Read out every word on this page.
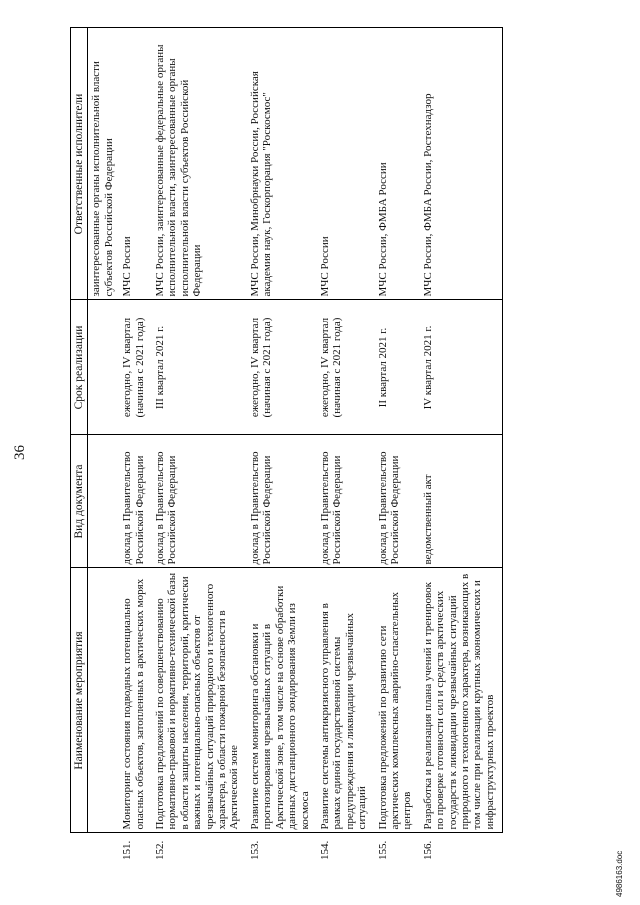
36
	Наименование мероприятия	Вид документа	Срок реализации	Ответственные исполнители
				заинтересованные органы исполнительной власти субъектов Российской Федерации
151.	Мониторинг состояния подводных потенциально опасных объектов, затопленных в арктических морях	доклад в Правительство Российской Федерации	ежегодно, IV квартал (начиная с 2021 года)	МЧС России
152.	Подготовка предложений по совершенствованию нормативно-правовой и нормативно-технической базы в области защиты населения, территорий, критически важных и потенциально-опасных объектов от чрезвычайных ситуаций природного и техногенного характера, в области пожарной безопасности в Арктической зоне	доклад в Правительство Российской Федерации	III квартал 2021 г.	МЧС России, заинтересованные федеральные органы исполнительной власти, заинтересованные органы исполнительной власти субъектов Российской Федерации
153.	Развитие систем мониторинга обстановки и прогнозирования чрезвычайных ситуаций в Арктической зоне, в том числе на основе обработки данных дистанционного зондирования Земли из космоса	доклад в Правительство Российской Федерации	ежегодно, IV квартал (начиная с 2021 года)	МЧС России, Минобрнауки России, Российская академия наук, Госкорпорация "Роскосмос"
154.	Развитие системы антикризисного управления в рамках единой государственной системы предупреждения и ликвидации чрезвычайных ситуаций	доклад в Правительство Российской Федерации	ежегодно, IV квартал (начиная с 2021 года)	МЧС России
155.	Подготовка предложений по развитию сети арктических комплексных аварийно-спасательных центров	доклад в Правительство Российской Федерации	II квартал 2021 г.	МЧС России, ФМБА России
156.	Разработка и реализация плана учений и тренировок по проверке готовности сил и средств арктических государств к ликвидации чрезвычайных ситуаций природного и техногенного характера, возникающих в том числе при реализации крупных экономических и инфраструктурных проектов	ведомственный акт	IV квартал 2021 г.	МЧС России, ФМБА России, Ростехнадзор
4986163.doc
